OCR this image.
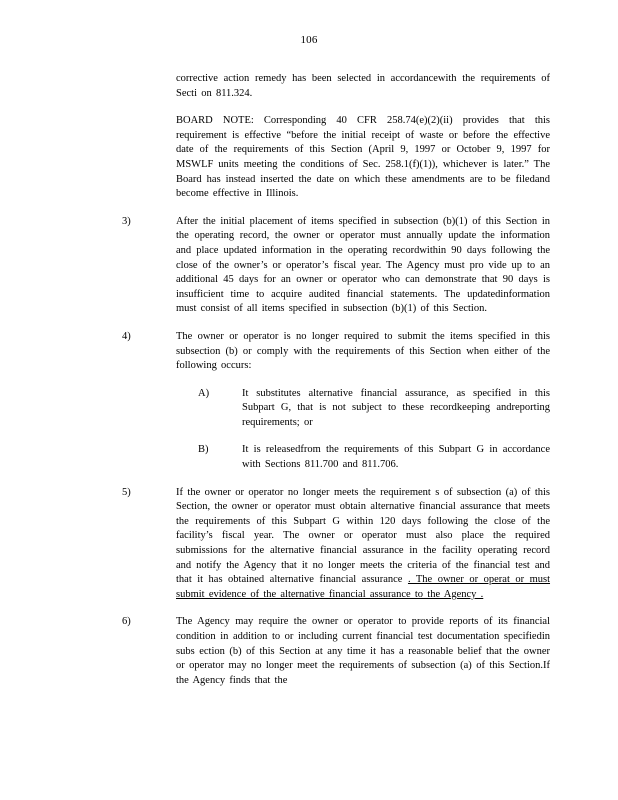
106

corrective action remedy has been selected in accordancewith the requirements of Secti on 811.324.

BOARD NOTE: Corresponding 40 CFR 258.74(e)(2)(ii) provides that this requirement is effective “before the initial receipt of waste or before the effective date of the requirements of this Section (April 9, 1997 or October 9, 1997 for MSWLF units meeting the conditions of Sec. 258.1(f)(1)), whichever is later.” The Board has instead inserted the date on which these amendments are to be filedand become effective in Illinois.

3)	After the initial placement of items specified in subsection (b)(1) of this Section in the operating record, the owner or operator must annually update the information and place updated information in the operating recordwithin 90 days following the close of the owner’s or operator’s fiscal year. The Agency must pro vide up to an additional 45 days for an owner or operator who can demonstrate that 90 days is insufficient time to acquire audited financial statements. The updatedinformation must consist of all items specified in subsection (b)(1) of this Section.
4)	The owner or operator is no longer required to submit the items specified in this subsection (b) or comply with the requirements of this Section when either of the following occurs:
A)	It substitutes alternative financial assurance, as specified in this Subpart G, that is not subject to these recordkeeping andreporting requirements; or
B)	It is releasedfrom the requirements of this Subpart G in accordance with Sections 811.700 and 811.706.
5)	If the owner or operator no longer meets the requirement s of subsection (a) of this Section, the owner or operator must obtain alternative financial assurance that meets the requirements of this Subpart G within 120 days following the close of the facility’s fiscal year. The owner or operator must also place the required submissions for the alternative financial assurance in the facility operating record and notify the Agency that it no longer meets the criteria of the financial test and that it has obtained alternative financial assurance . The owner or operat or must submit evidence of the alternative financial assurance to the Agency .
6)	The Agency may require the owner or operator to provide reports of its financial condition in addition to or including current financial test documentation specifiedin subs ection (b) of this Section at any time it has a reasonable belief that the owner or operator may no longer meet the requirements of subsection (a) of this Section.If the Agency finds that the
